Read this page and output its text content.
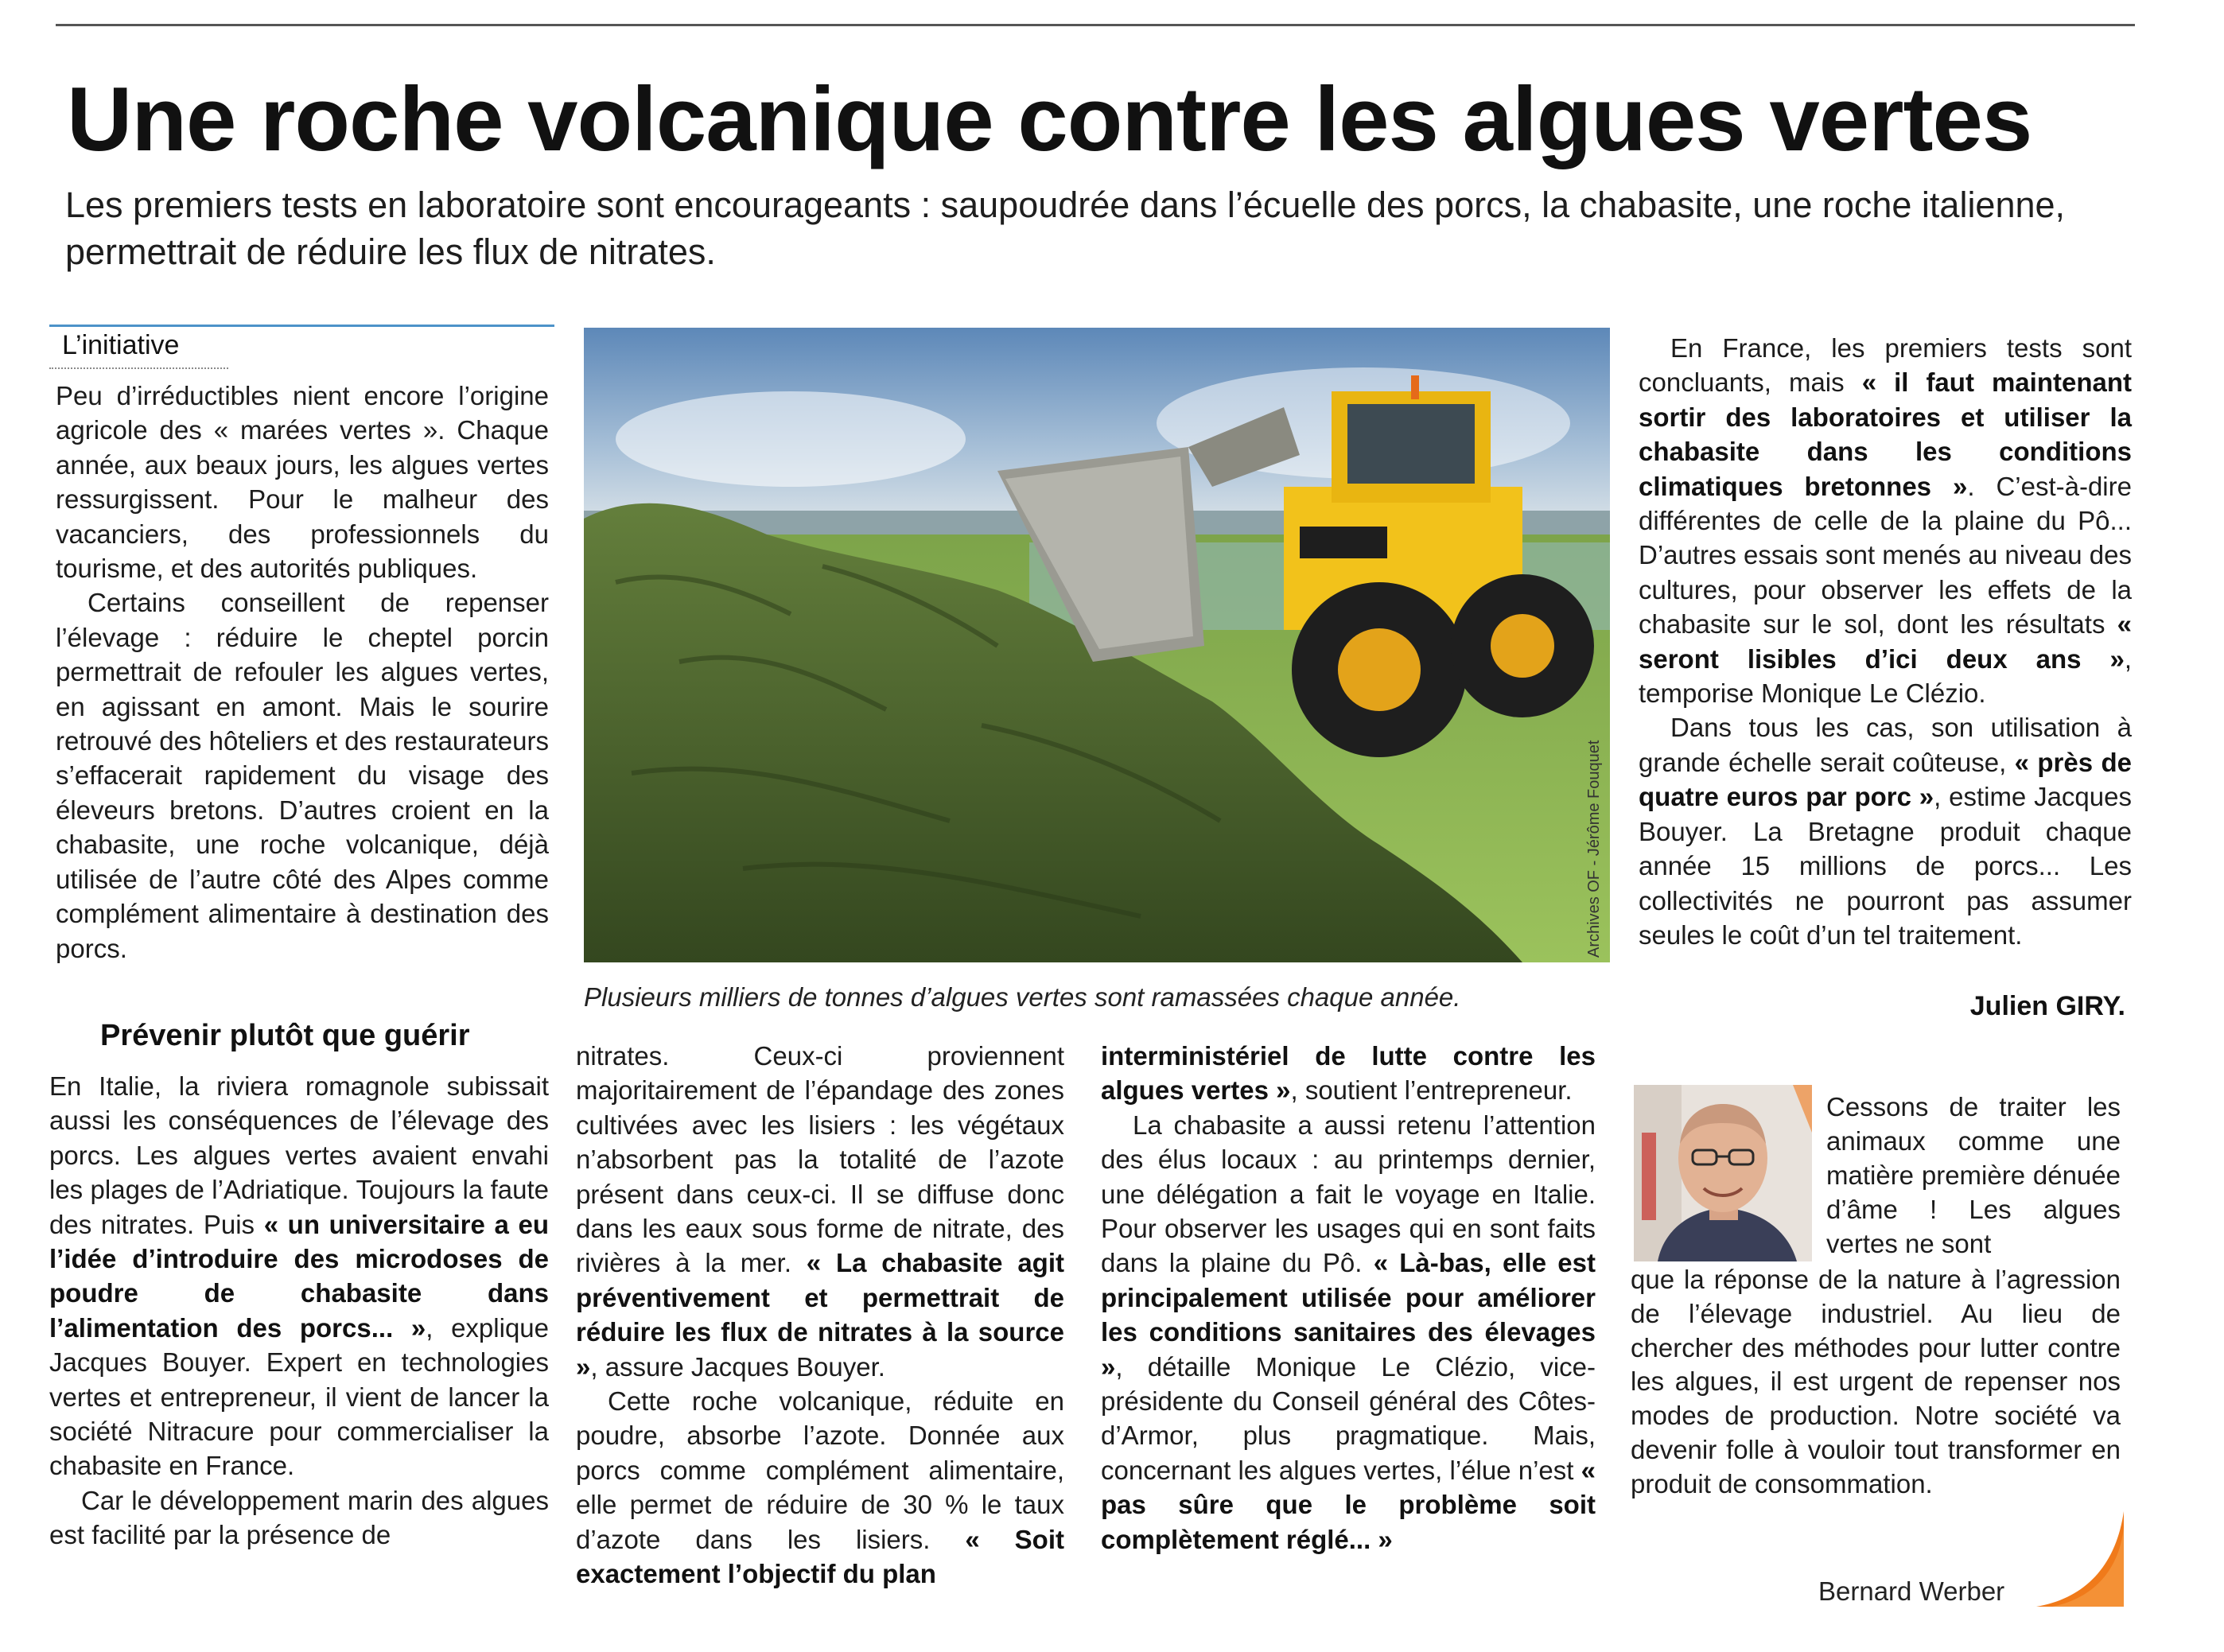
Une roche volcanique contre les algues vertes

Les premiers tests en laboratoire sont encourageants : saupoudrée dans l’écuelle des porcs, la chabasite, une roche italienne, permettrait de réduire les flux de nitrates.

L’initiative

Peu d’irréductibles nient encore l’origine agricole des « marées vertes ». Chaque année, aux beaux jours, les algues vertes ressurgissent. Pour le malheur des vacanciers, des professionnels du tourisme, et des autorités publiques.

Certains conseillent de repenser l’élevage : réduire le cheptel porcin permettrait de refouler les algues vertes, en agissant en amont. Mais le sourire retrouvé des hôteliers et des restaurateurs s’effacerait rapidement du visage des éleveurs bretons. D’autres croient en la chabasite, une roche volcanique, déjà utilisée de l’autre côté des Alpes comme complément alimentaire à destination des porcs.

Prévenir plutôt que guérir

En Italie, la riviera romagnole subissait aussi les conséquences de l’élevage des porcs. Les algues vertes avaient envahi les plages de l’Adriatique. Toujours la faute des nitrates. Puis « un universitaire a eu l’idée d’introduire des microdoses de poudre de chabasite dans l’alimentation des porcs... », explique Jacques Bouyer. Expert en technologies vertes et entrepreneur, il vient de lancer la société Nitracure pour commercialiser la chabasite en France.

Car le développement marin des algues est facilité par la présence de

Archives OF - Jérôme Fouquet
Plusieurs milliers de tonnes d’algues vertes sont ramassées chaque année.

nitrates. Ceux-ci proviennent majoritairement de l’épandage des zones cultivées avec les lisiers : les végétaux n’absorbent pas la totalité de l’azote présent dans ceux-ci. Il se diffuse donc dans les eaux sous forme de nitrate, des rivières à la mer. « La chabasite agit préventivement et permettrait de réduire les flux de nitrates à la source », assure Jacques Bouyer.

Cette roche volcanique, réduite en poudre, absorbe l’azote. Donnée aux porcs comme complément alimentaire, elle permet de réduire de 30 % le taux d’azote dans les lisiers. « Soit exactement l’objectif du plan

interministériel de lutte contre les algues vertes », soutient l’entrepreneur.

La chabasite a aussi retenu l’attention des élus locaux : au printemps dernier, une délégation a fait le voyage en Italie. Pour observer les usages qui en sont faits dans la plaine du Pô. « Là-bas, elle est principalement utilisée pour améliorer les conditions sanitaires des élevages », détaille Monique Le Clézio, vice-présidente du Conseil général des Côtes-d’Armor, plus pragmatique. Mais, concernant les algues vertes, l’élue n’est « pas sûre que le problème soit complètement réglé... »

En France, les premiers tests sont concluants, mais « il faut maintenant sortir des laboratoires et utiliser la chabasite dans les conditions climatiques bretonnes ». C’est-à-dire différentes de celle de la plaine du Pô... D’autres essais sont menés au niveau des cultures, pour observer les effets de la chabasite sur le sol, dont les résultats « seront lisibles d’ici deux ans », temporise Monique Le Clézio.

Dans tous les cas, son utilisation à grande échelle serait coûteuse, « près de quatre euros par porc », estime Jacques Bouyer. La Bretagne produit chaque année 15 millions de porcs... Les collectivités ne pourront pas assumer seules le coût d’un tel traitement.

Julien GIRY.
Cessons de traiter les animaux comme une matière première dénuée d’âme ! Les algues vertes ne sont
que la réponse de la nature à l’agression de l’élevage industriel. Au lieu de chercher des méthodes pour lutter contre les algues, il est urgent de repenser nos modes de production. Notre société va devenir folle à vouloir tout transformer en produit de consommation.
Bernard Werber
